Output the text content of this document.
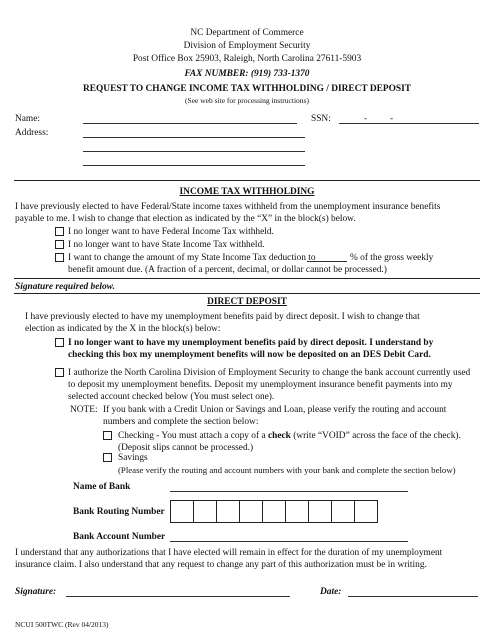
NC Department of Commerce
Division of Employment Security
Post Office Box 25903, Raleigh, North Carolina 27611-5903
FAX NUMBER: (919) 733-1370
REQUEST TO CHANGE INCOME TAX WITHHOLDING / DIRECT DEPOSIT
(See web site for processing instructions)
Name:	SSN:	- -
Address:
INCOME TAX WITHHOLDING
I have previously elected to have Federal/State income taxes withheld from the unemployment insurance benefits
payable to me. I wish to change that election as indicated by the “X” in the block(s) below.
I no longer want to have Federal Income Tax withheld.
I no longer want to have State Income Tax withheld.
I want to change the amount of my State Income Tax deduction to	% of the gross weekly
benefit amount due. (A fraction of a percent, decimal, or dollar cannot be processed.)
Signature required below.
DIRECT DEPOSIT
I have previously elected to have my unemployment benefits paid by direct deposit. I wish to change that
election as indicated by the X in the block(s) below:
I no longer want to have my unemployment benefits paid by direct deposit. I understand by
checking this box my unemployment benefits will now be deposited on an DES Debit Card.
I authorize the North Carolina Division of Employment Security to change the bank account currently used
to deposit my unemployment benefits. Deposit my unemployment insurance benefit payments into my
selected account checked below (You must select one).
NOTE: If you bank with a Credit Union or Savings and Loan, please verify the routing and account
numbers and complete the section below:
Checking - You must attach a copy of a check (write “VOID” across the face of the check).
(Deposit slips cannot be processed.)
Savings
(Please verify the routing and account numbers with your bank and complete the section below)
Name of Bank
Bank Routing Number
Bank Account Number
I understand that any authorizations that I have elected will remain in effect for the duration of my unemployment
insurance claim. I also understand that any request to change any part of this authorization must be in writing.
Signature:	Date:
NCUI 500TWC (Rev 04/2013)
